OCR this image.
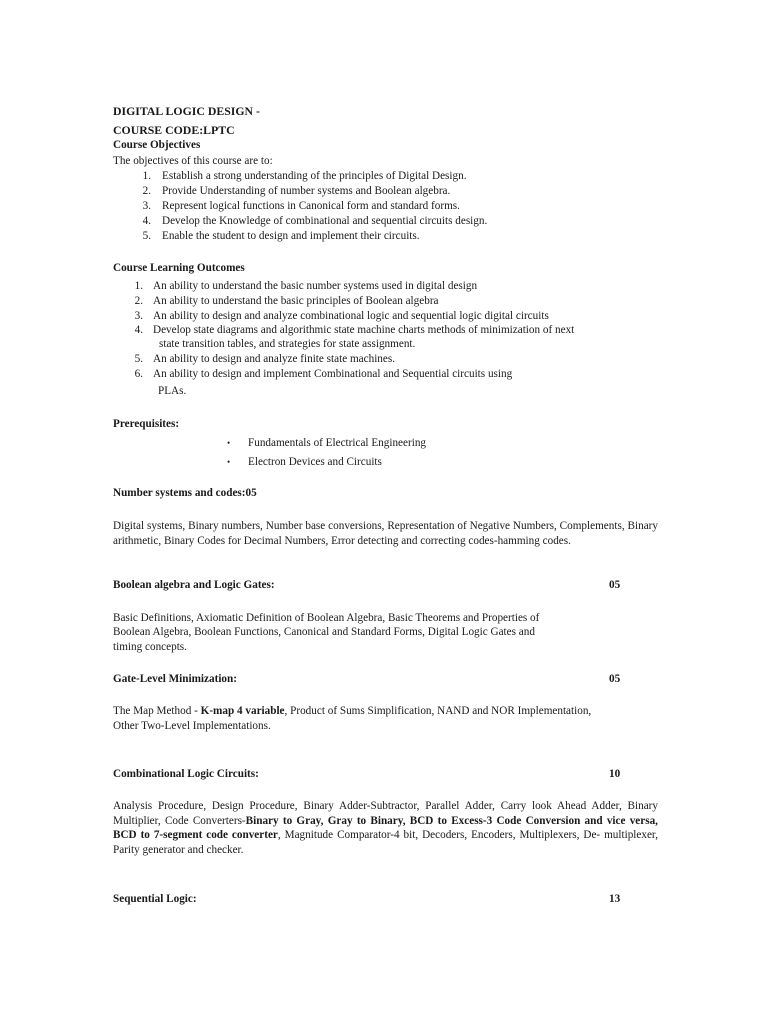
DIGITAL LOGIC DESIGN -
COURSE CODE:LPTC
Course Objectives
The objectives of this course are to:
1. Establish a strong understanding of the principles of Digital Design.
2. Provide Understanding of number systems and Boolean algebra.
3. Represent logical functions in Canonical form and standard forms.
4. Develop the Knowledge of combinational and sequential circuits design.
5. Enable the student to design and implement their circuits.
Course Learning Outcomes
1. An ability to understand the basic number systems used in digital design
2. An ability to understand the basic principles of Boolean algebra
3. An ability to design and analyze combinational logic and sequential logic digital circuits
4. Develop state diagrams and algorithmic state machine charts methods of minimization of next
state transition tables, and strategies for state assignment.
5. An ability to design and analyze finite state machines.
6. An ability to design and implement Combinational and Sequential circuits using
PLAs.
Prerequisites:
• Fundamentals of Electrical Engineering
• Electron Devices and Circuits
Number systems and codes:05
Digital systems, Binary numbers, Number base conversions, Representation of Negative Numbers, Complements, Binary arithmetic, Binary Codes for Decimal Numbers, Error detecting and correcting codes-hamming codes.
Boolean algebra and Logic Gates:	05
Basic Definitions, Axiomatic Definition of Boolean Algebra, Basic Theorems and Properties of
Boolean Algebra, Boolean Functions, Canonical and Standard Forms, Digital Logic Gates and
timing concepts.
Gate-Level Minimization:	05
The Map Method - K-map 4 variable, Product of Sums Simplification, NAND and NOR Implementation,
Other Two-Level Implementations.
Combinational Logic Circuits:	10
Analysis Procedure, Design Procedure, Binary Adder-Subtractor, Parallel Adder, Carry look Ahead Adder, Binary Multiplier, Code Converters-Binary to Gray, Gray to Binary, BCD to Excess-3 Code Conversion and vice versa, BCD to 7-segment code converter, Magnitude Comparator-4 bit, Decoders, Encoders, Multiplexers, De- multiplexer, Parity generator and checker.
Sequential Logic:	13
